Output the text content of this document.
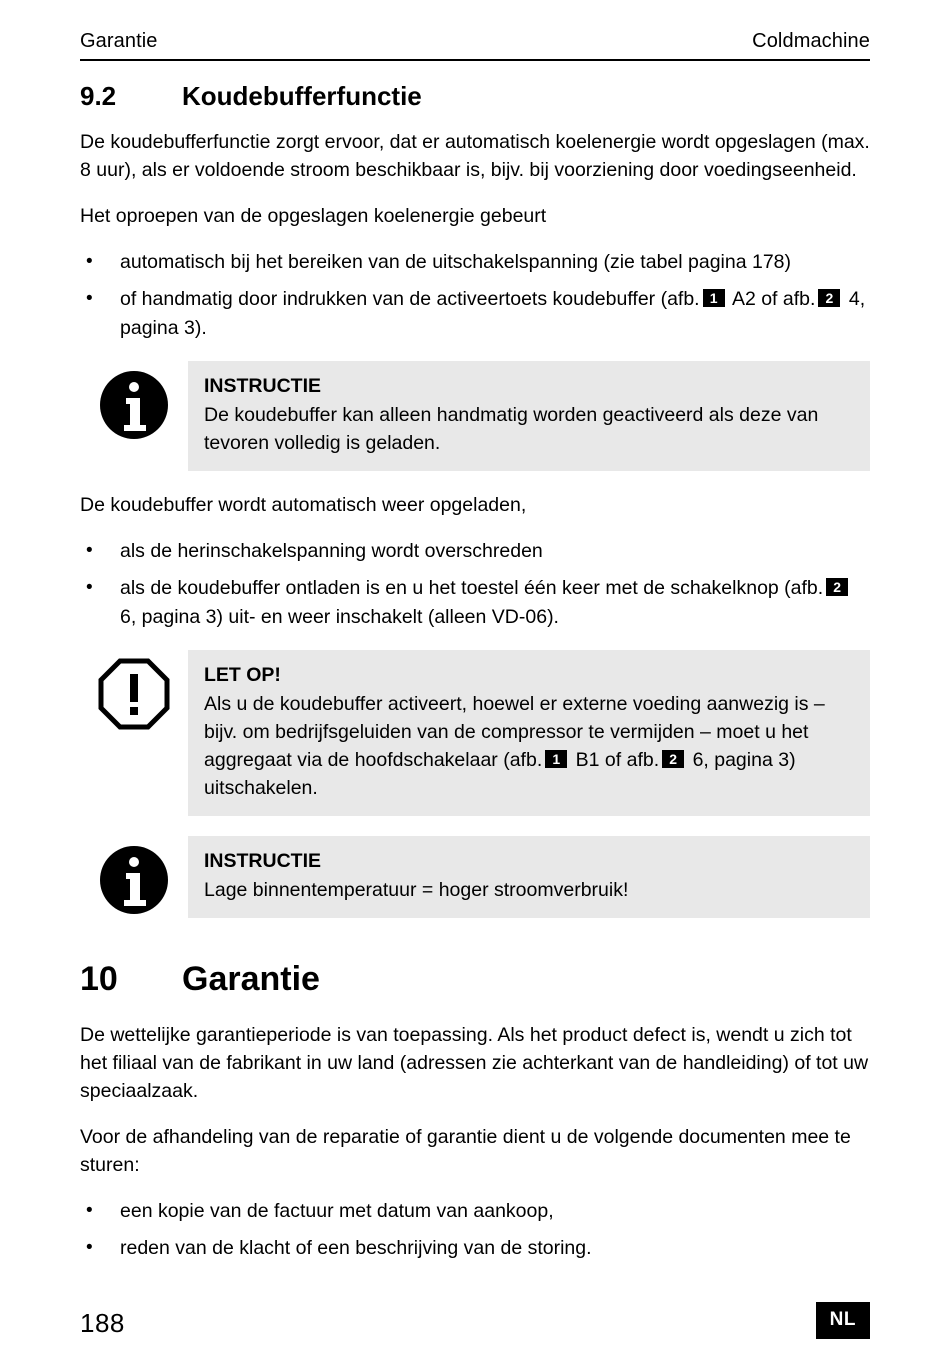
Garantie	Coldmachine
9.2	Koudebufferfunctie

De koudebufferfunctie zorgt ervoor, dat er automatisch koelenergie wordt opgeslagen (max. 8 uur), als er voldoende stroom beschikbaar is, bijv. bij voorziening door voedingseenheid.

Het oproepen van de opgeslagen koelenergie gebeurt

• automatisch bij het bereiken van de uitschakelspanning (zie tabel pagina 178)
• of handmatig door indrukken van de activeertoets koudebuffer (afb. 1 A2 of afb. 2 4, pagina 3).
INSTRUCTIE
De koudebuffer kan alleen handmatig worden geactiveerd als deze van tevoren volledig is geladen.

De koudebuffer wordt automatisch weer opgeladen,

• als de herinschakelspanning wordt overschreden
• als de koudebuffer ontladen is en u het toestel één keer met de schakelknop (afb. 2 6, pagina 3) uit- en weer inschakelt (alleen VD-06).
LET OP!
Als u de koudebuffer activeert, hoewel er externe voeding aanwezig is – bijv. om bedrijfsgeluiden van de compressor te vermijden – moet u het aggregaat via de hoofdschakelaar (afb. 1 B1 of afb. 2 6, pagina 3) uitschakelen.
INSTRUCTIE
Lage binnentemperatuur = hoger stroomverbruik!
10	Garantie

De wettelijke garantieperiode is van toepassing. Als het product defect is, wendt u zich tot het filiaal van de fabrikant in uw land (adressen zie achterkant van de handleiding) of tot uw speciaalzaak.

Voor de afhandeling van de reparatie of garantie dient u de volgende documenten mee te sturen:

• een kopie van de factuur met datum van aankoop,
• reden van de klacht of een beschrijving van de storing.
188	NL
